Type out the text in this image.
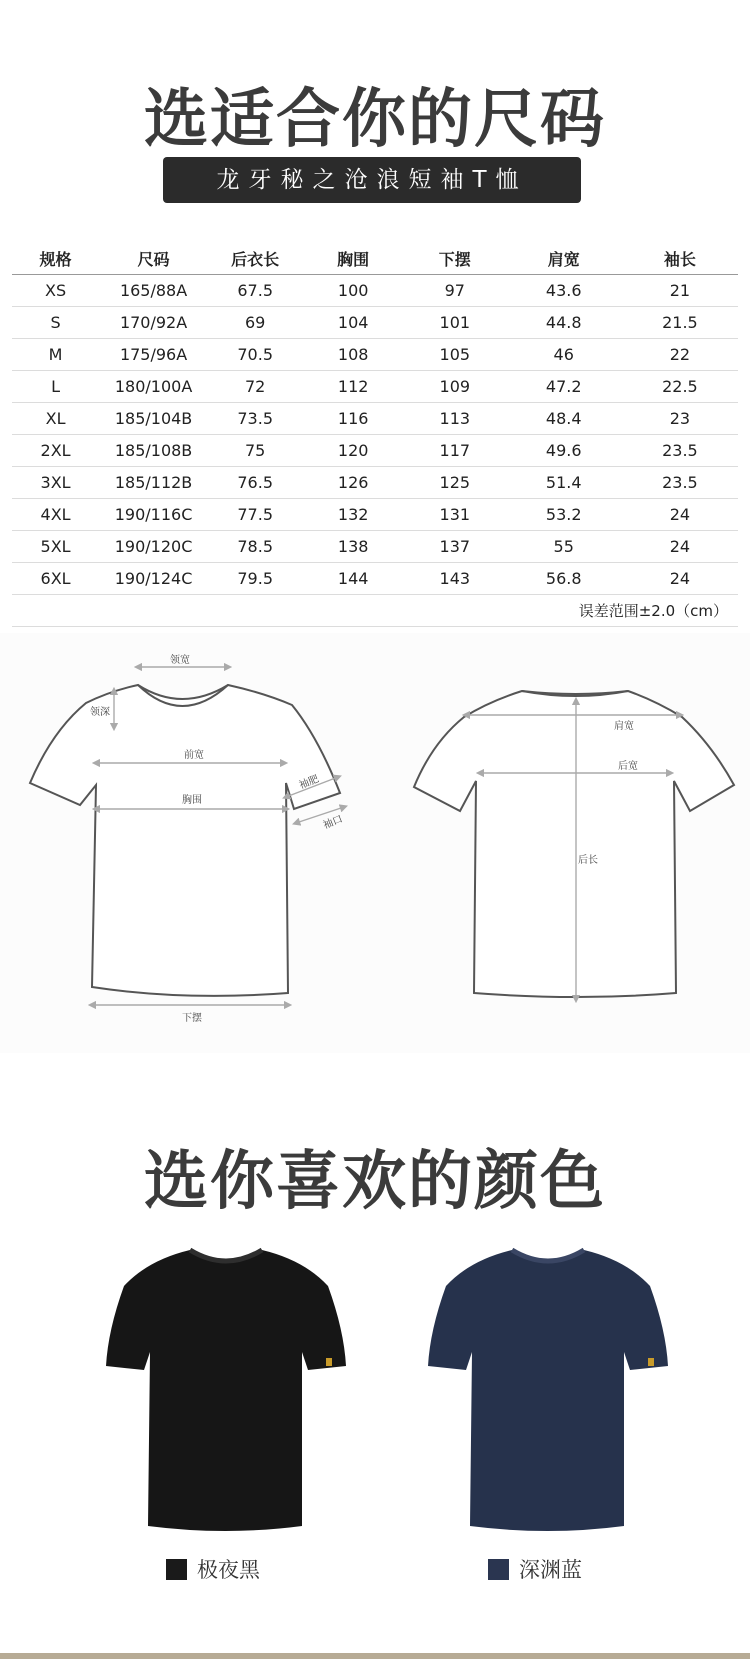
选适合你的尺码
龙牙秘之沧浪短袖T恤
规格	尺码	后衣长	胸围	下摆	肩宽	袖长
XS	165/88A	67.5	100	97	43.6	21
S	170/92A	69	104	101	44.8	21.5
M	175/96A	70.5	108	105	46	22
L	180/100A	72	112	109	47.2	22.5
XL	185/104B	73.5	116	113	48.4	23
2XL	185/108B	75	120	117	49.6	23.5
3XL	185/112B	76.5	126	125	51.4	23.5
4XL	190/116C	77.5	132	131	53.2	24
5XL	190/120C	78.5	138	137	55	24
6XL	190/124C	79.5	144	143	56.8	24
误差范围±2.0（cm）						
领宽
领深
前宽
胸围
袖肥
袖口
下摆
肩宽
后宽
后长
选你喜欢的颜色
极夜黑	深渊蓝
